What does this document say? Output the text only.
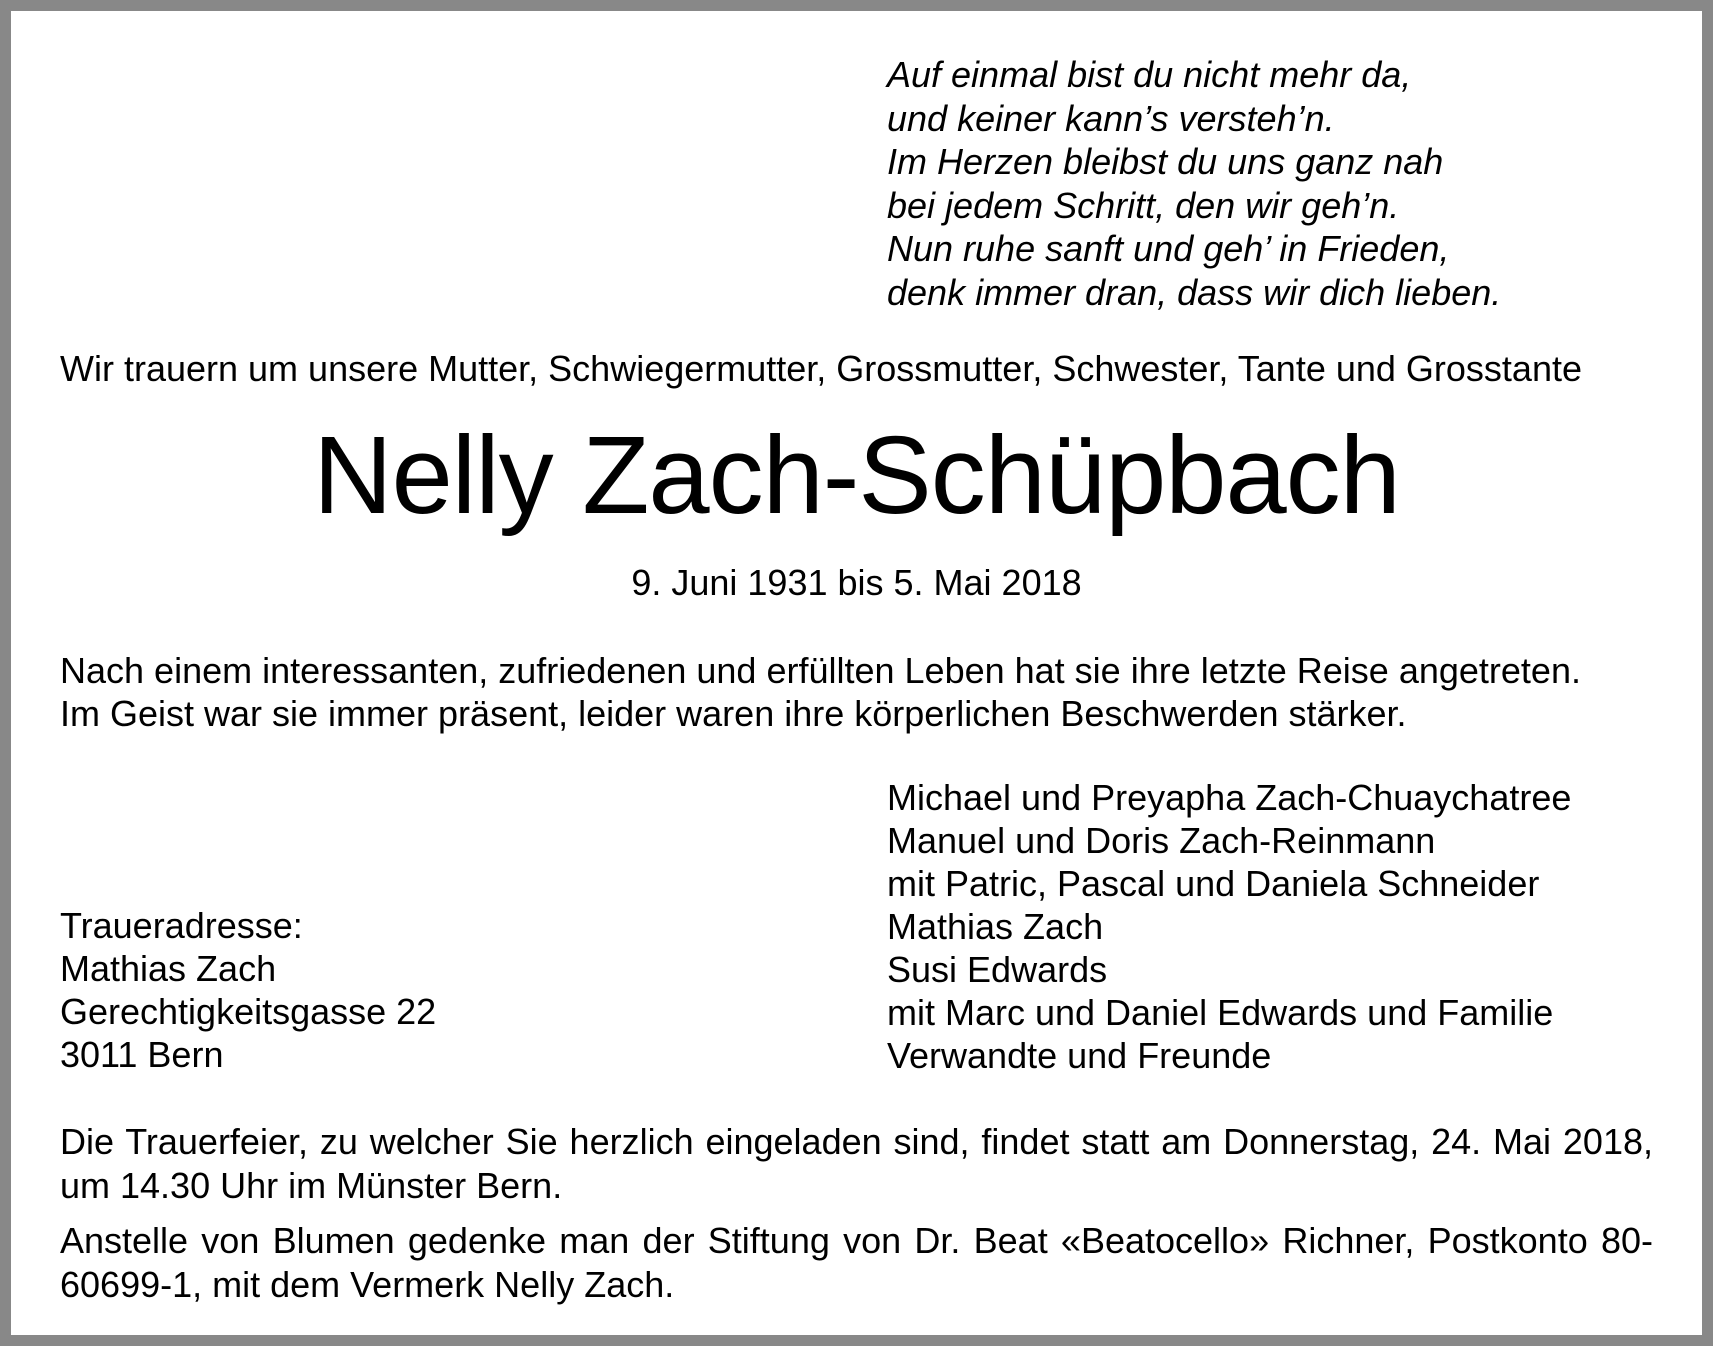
Auf einmal bist du nicht mehr da,
und keiner kann’s versteh’n.
Im Herzen bleibst du uns ganz nah
bei jedem Schritt, den wir geh’n.
Nun ruhe sanft und geh’ in Frieden,
denk immer dran, dass wir dich lieben.
Wir trauern um unsere Mutter, Schwiegermutter, Grossmutter, Schwester, Tante und Grosstante
Nelly Zach-Schüpbach
9. Juni 1931 bis 5. Mai 2018
Nach einem interessanten, zufriedenen und erfüllten Leben hat sie ihre letzte Reise angetreten.
Im Geist war sie immer präsent, leider waren ihre körperlichen Beschwerden stärker.
Michael und Preyapha Zach-Chuaychatree
Manuel und Doris Zach-Reinmann
mit Patric, Pascal und Daniela Schneider
Mathias Zach
Susi Edwards
mit Marc und Daniel Edwards und Familie
Verwandte und Freunde
Traueradresse:
Mathias Zach
Gerechtigkeitsgasse 22
3011 Bern
Die Trauerfeier, zu welcher Sie herzlich eingeladen sind, findet statt am Donnerstag, 24. Mai 2018, um 14.30 Uhr im Münster Bern.
Anstelle von Blumen gedenke man der Stiftung von Dr. Beat «Beatocello» Richner, Postkonto 80-60699-1, mit dem Vermerk Nelly Zach.
